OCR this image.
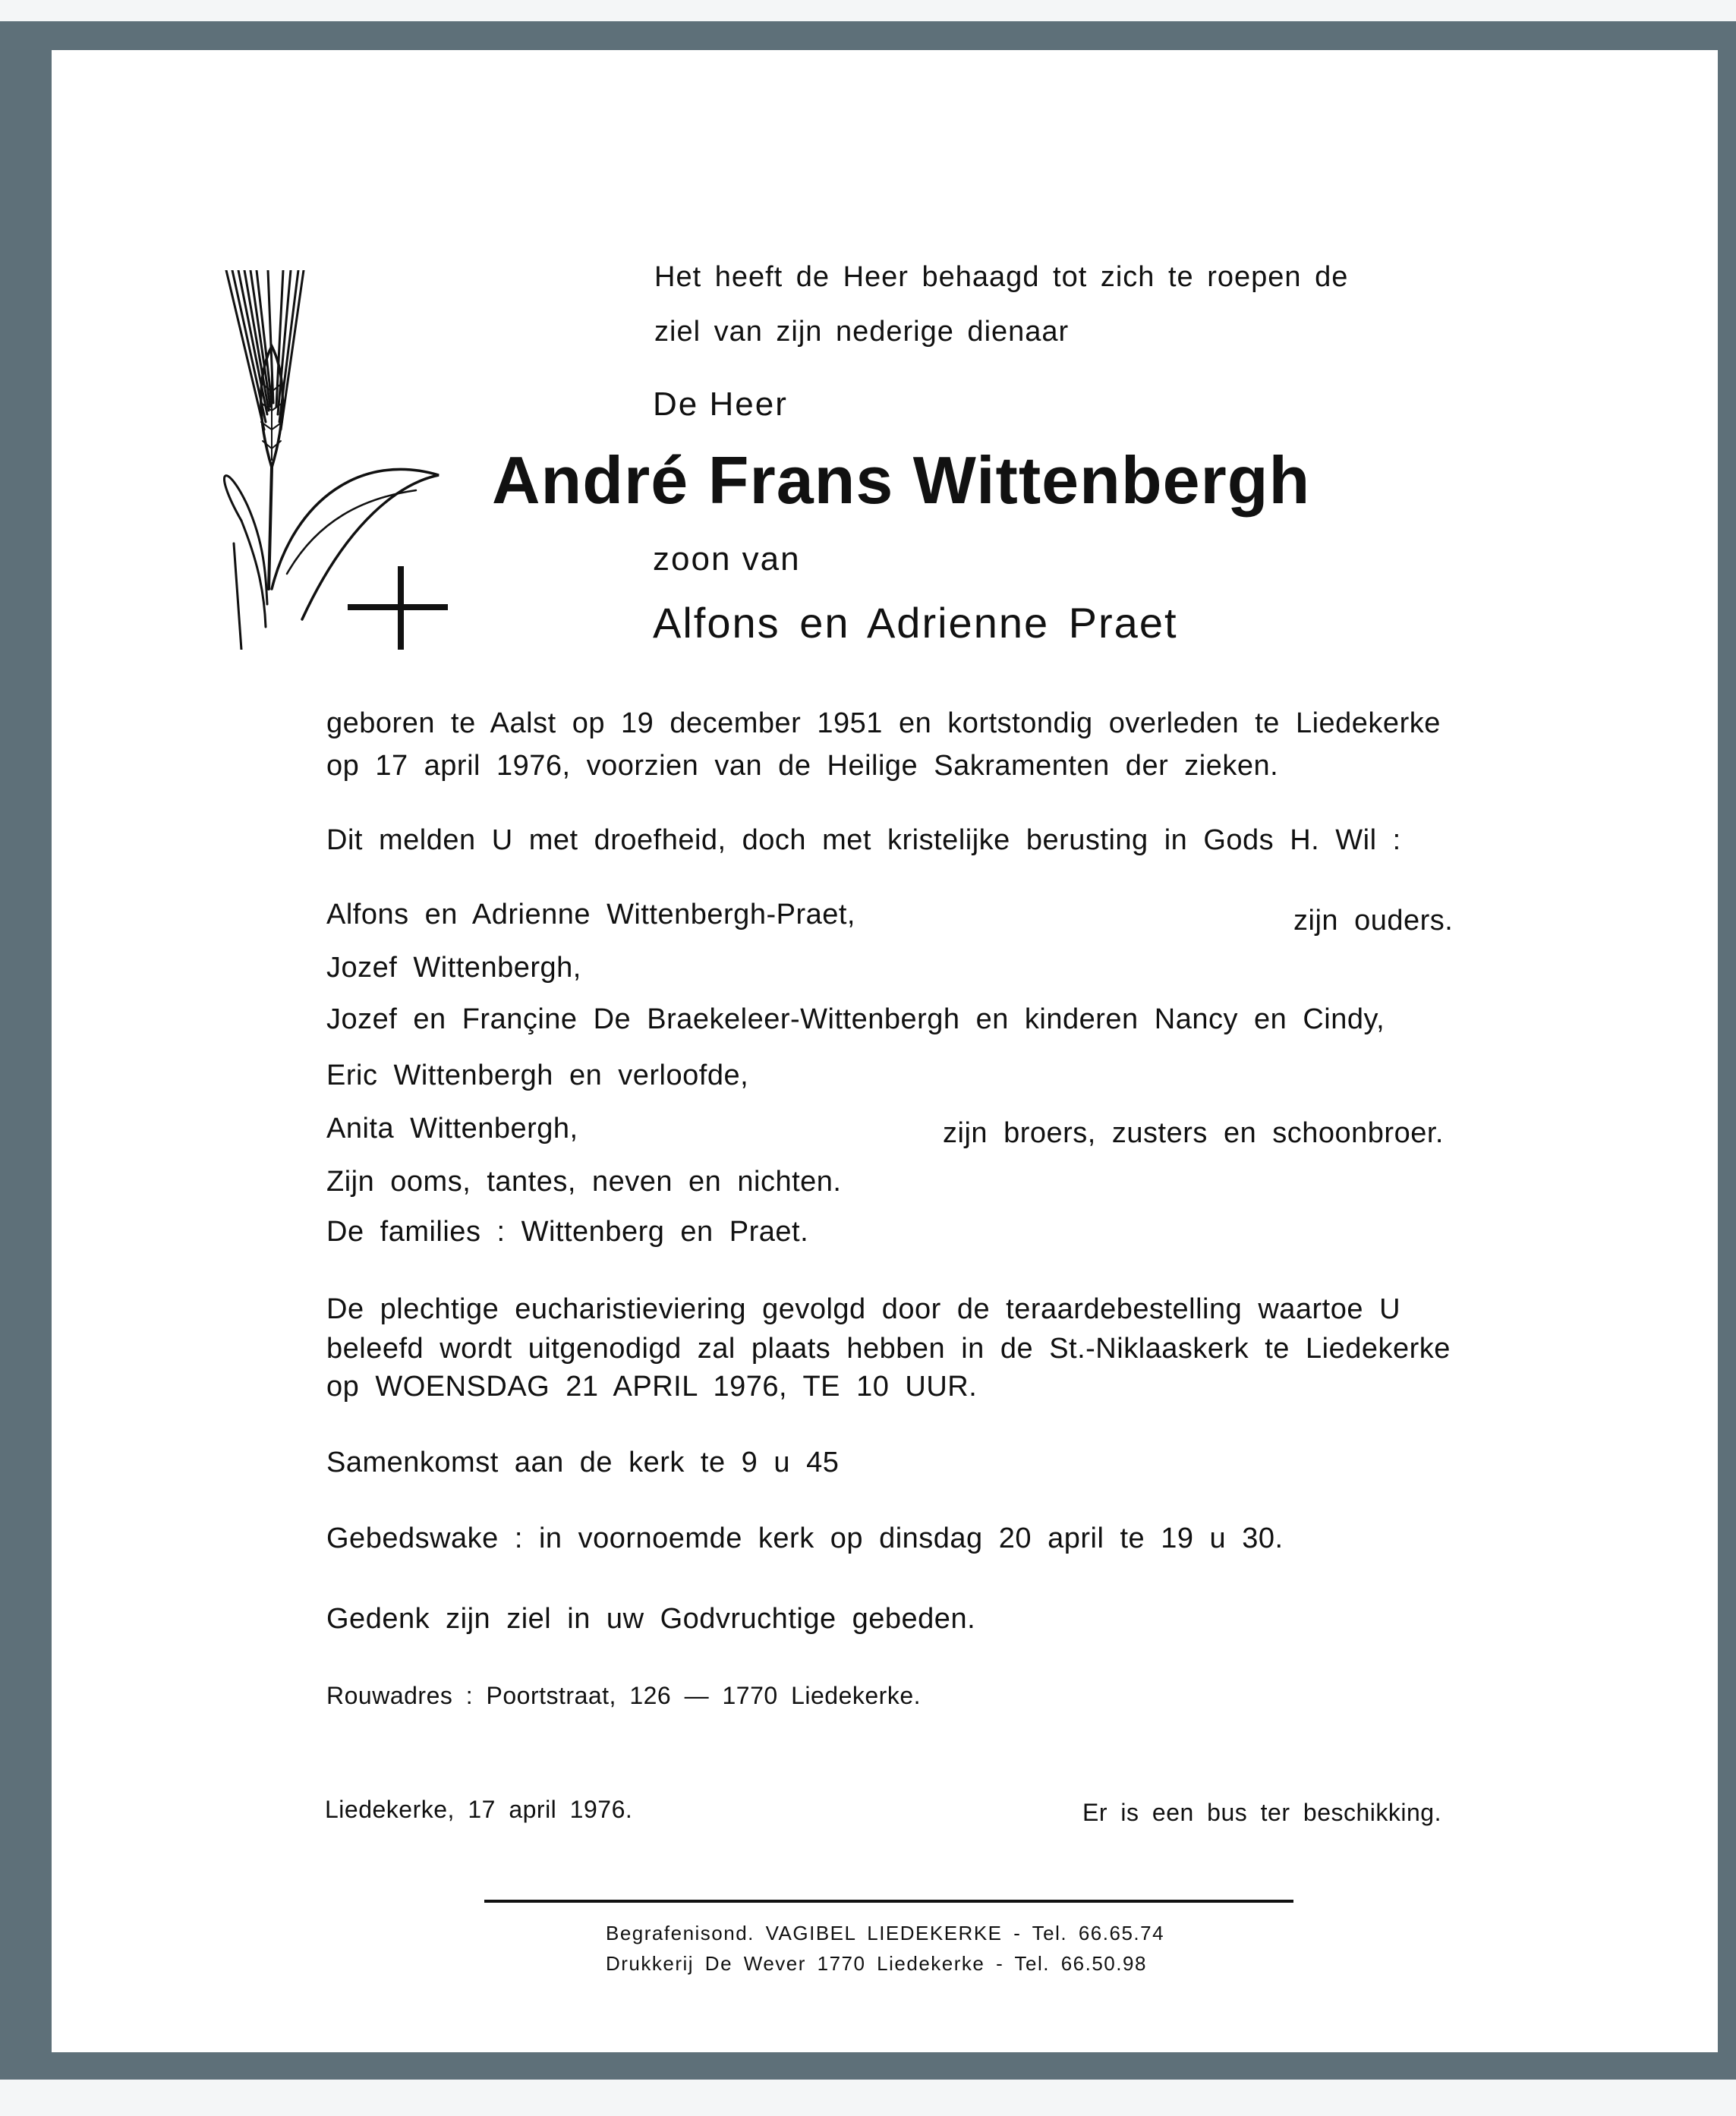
Het heeft de Heer behaagd tot zich te roepen de
ziel van zijn nederige dienaar
De Heer
André Frans Wittenbergh
zoon van
Alfons en Adrienne Praet
geboren te Aalst op 19 december 1951 en kortstondig overleden te Liedekerke
op 17 april 1976, voorzien van de Heilige Sakramenten der zieken.
Dit melden U met droefheid, doch met kristelijke berusting in Gods H. Wil :
Alfons en Adrienne Wittenbergh-Praet,	zijn ouders.
Jozef Wittenbergh,
Jozef en Françine De Braekeleer-Wittenbergh en kinderen Nancy en Cindy,
Eric Wittenbergh en verloofde,
Anita Wittenbergh,	zijn broers, zusters en schoonbroer.
Zijn ooms, tantes, neven en nichten.
De families : Wittenberg en Praet.
De plechtige eucharistieviering gevolgd door de teraardebestelling waartoe U
beleefd wordt uitgenodigd zal plaats hebben in de St.-Niklaaskerk te Liedekerke
op WOENSDAG 21 APRIL 1976, TE 10 UUR.
Samenkomst aan de kerk te 9 u 45
Gebedswake : in voornoemde kerk op dinsdag 20 april te 19 u 30.
Gedenk zijn ziel in uw Godvruchtige gebeden.
Rouwadres : Poortstraat, 126 — 1770 Liedekerke.
Liedekerke, 17 april 1976.	Er is een bus ter beschikking.
Begrafenisond. VAGIBEL LIEDEKERKE - Tel. 66.65.74
Drukkerij De Wever 1770 Liedekerke - Tel. 66.50.98
